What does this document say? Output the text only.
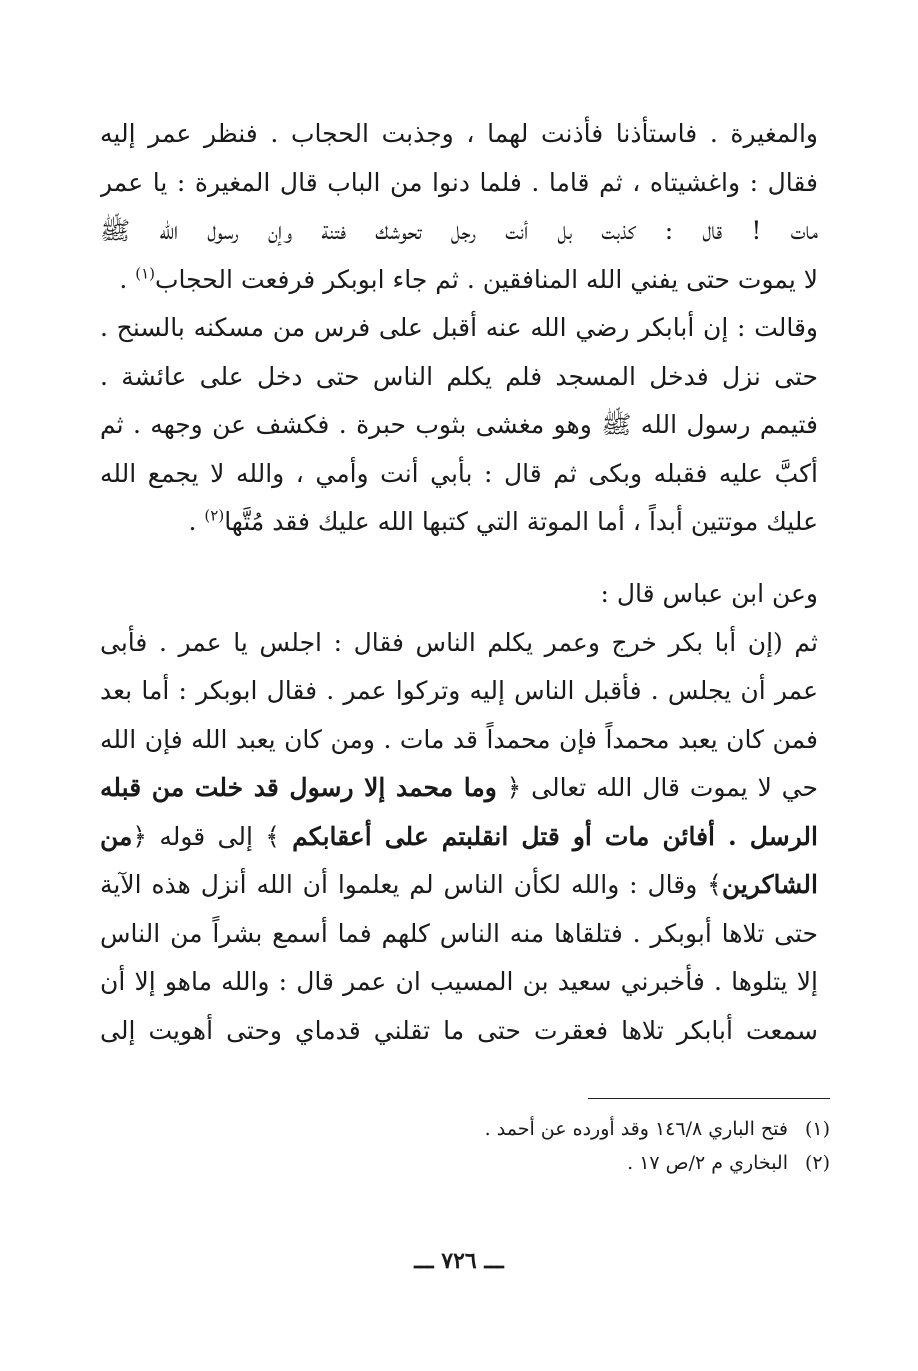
والمغيرة . فاستأذنا فأذنت لهما ، وجذبت الحجاب . فنظر عمر إليه
فقال : واغشيتاه ، ثم قاما . فلما دنوا من الباب قال المغيرة : يا عمر
مات ! قال : كذبت بل أنت رجل تحوشك فتنة وإن رسول الله ﷺ
لا يموت حتى يفني الله المنافقين . ثم جاء ابوبكر فرفعت الحجاب$^{(١)}$ .
وقالت : إن أبابكر رضي الله عنه أقبل على فرس من مسكنه بالسنح .
حتى نزل فدخل المسجد فلم يكلم الناس حتى دخل على عائشة .
فتيمم رسول الله ﷺ وهو مغشى بثوب حبرة . فكشف عن وجهه . ثم
أكبَّ عليه فقبله وبكى ثم قال : بأبي أنت وأمي ، والله لا يجمع الله
عليك موتتين أبداً ، أما الموتة التي كتبها الله عليك فقد مُتَّها$^{(٢)}$ .
وعن ابن عباس قال :
ثم (إن أبا بكر خرج وعمر يكلم الناس فقال : اجلس يا عمر . فأبى
عمر أن يجلس . فأقبل الناس إليه وتركوا عمر . فقال ابوبكر : أما بعد
فمن كان يعبد محمداً فإن محمداً قد مات . ومن كان يعبد الله فإن الله
حي لا يموت قال الله تعالى ﴿ وما محمد إلا رسول قد خلت من قبله
الرسل . أفائن مات أو قتل انقلبتم على أعقابكم ﴾ إلى قوله ﴿من
الشاكرين﴾ وقال : والله لكأن الناس لم يعلموا أن الله أنزل هذه الآية
حتى تلاها أبوبكر . فتلقاها منه الناس كلهم فما أسمع بشراً من الناس
إلا يتلوها . فأخبرني سعيد بن المسيب ان عمر قال : والله ماهو إلا أن
سمعت أبابكر تلاها فعقرت حتى ما تقلني قدماي وحتى أهويت إلى
(١)فتح الباري ١٤٦/٨ وقد أورده عن أحمد .
(٢)البخاري م ٢/ص ١٧ .
ـــ ٧٢٦ ـــ
